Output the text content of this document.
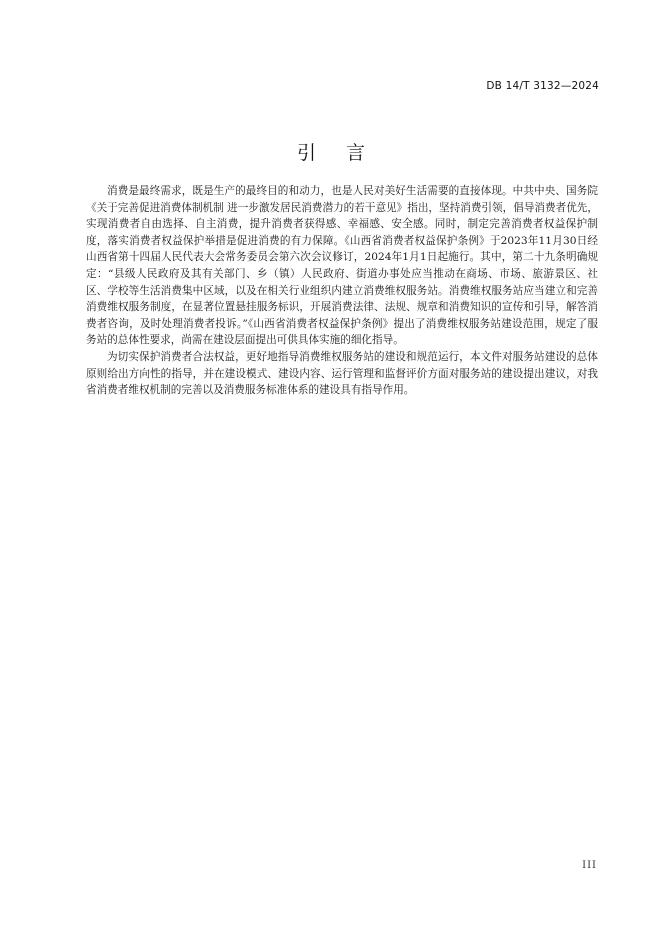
DB 14/T 3132—2024
引言

消费是最终需求，既是生产的最终目的和动力，也是人民对美好生活需要的直接体现。中共中央、国务院《关于完善促进消费体制机制 进一步激发居民消费潜力的若干意见》指出，坚持消费引领，倡导消费者优先，实现消费者自由选择、自主消费，提升消费者获得感、幸福感、安全感。同时，制定完善消费者权益保护制度，落实消费者权益保护举措是促进消费的有力保障。《山西省消费者权益保护条例》于2023年11月30日经山西省第十四届人民代表大会常务委员会第六次会议修订，2024年1月1日起施行。其中，第二十九条明确规定：“县级人民政府及其有关部门、乡（镇）人民政府、街道办事处应当推动在商场、市场、旅游景区、社区、学校等生活消费集中区域，以及在相关行业组织内建立消费维权服务站。消费维权服务站应当建立和完善消费维权服务制度，在显著位置悬挂服务标识，开展消费法律、法规、规章和消费知识的宣传和引导，解答消费者咨询，及时处理消费者投诉。”《山西省消费者权益保护条例》提出了消费维权服务站建设范围，规定了服务站的总体性要求，尚需在建设层面提出可供具体实施的细化指导。

为切实保护消费者合法权益，更好地指导消费维权服务站的建设和规范运行，本文件对服务站建设的总体原则给出方向性的指导，并在建设模式、建设内容、运行管理和监督评价方面对服务站的建设提出建议，对我省消费者维权机制的完善以及消费服务标准体系的建设具有指导作用。

III
